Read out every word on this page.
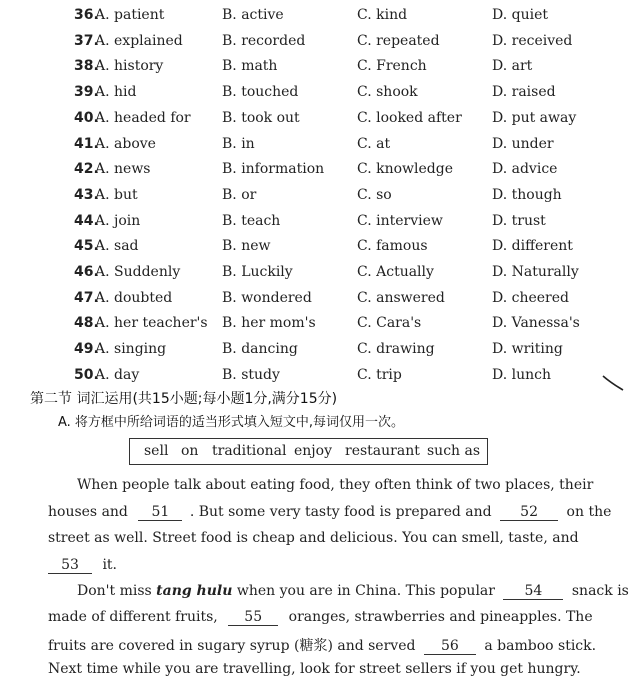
36.
A. patient	B. active	C. kind	D. quiet
37.
A. explained	B. recorded	C. repeated	D. received
38.
A. history	B. math	C. French	D. art
39.
A. hid	B. touched	C. shook	D. raised
40.
A. headed for B. took out	C. looked after D. put away
41.
A. above	B. in	C. at	D. under
42.
A. news	B. information C. knowledge	D. advice
43.
A. but	B. or	C. so	D. though
44.
A. join	B. teach	C. interview	D. trust
45.
A. sad	B. new	C. famous	D. different
46.
A. Suddenly	B. Luckily	C. Actually	D. Naturally
47.
A. doubted	B. wondered	C. answered	D. cheered
48.
A. her teacher's B. her mom's	C. Cara's	D. Vanessa's
49.
A. singing	B. dancing	C. drawing	D. writing
50.
A. day	B. study	C. trip	D. lunch
第二节 词汇运用(共15小题;每小题1分,满分15分)
A. 将方框中所给词语的适当形式填入短文中,每词仅用一次。
sell on traditional enjoy restaurant such as
When people talk about eating food, they often think of two places, their
houses and 51 . But some very tasty food is prepared and 52 on the
street as well. Street food is cheap and delicious. You can smell, taste, and
53 it.
Don't miss tang hulu when you are in China. This popular 54 snack is
made of different fruits, 55 oranges, strawberries and pineapples. The
fruits are covered in sugary syrup (糖浆) and served 56 a bamboo stick.
Next time while you are travelling, look for street sellers if you get hungry.
